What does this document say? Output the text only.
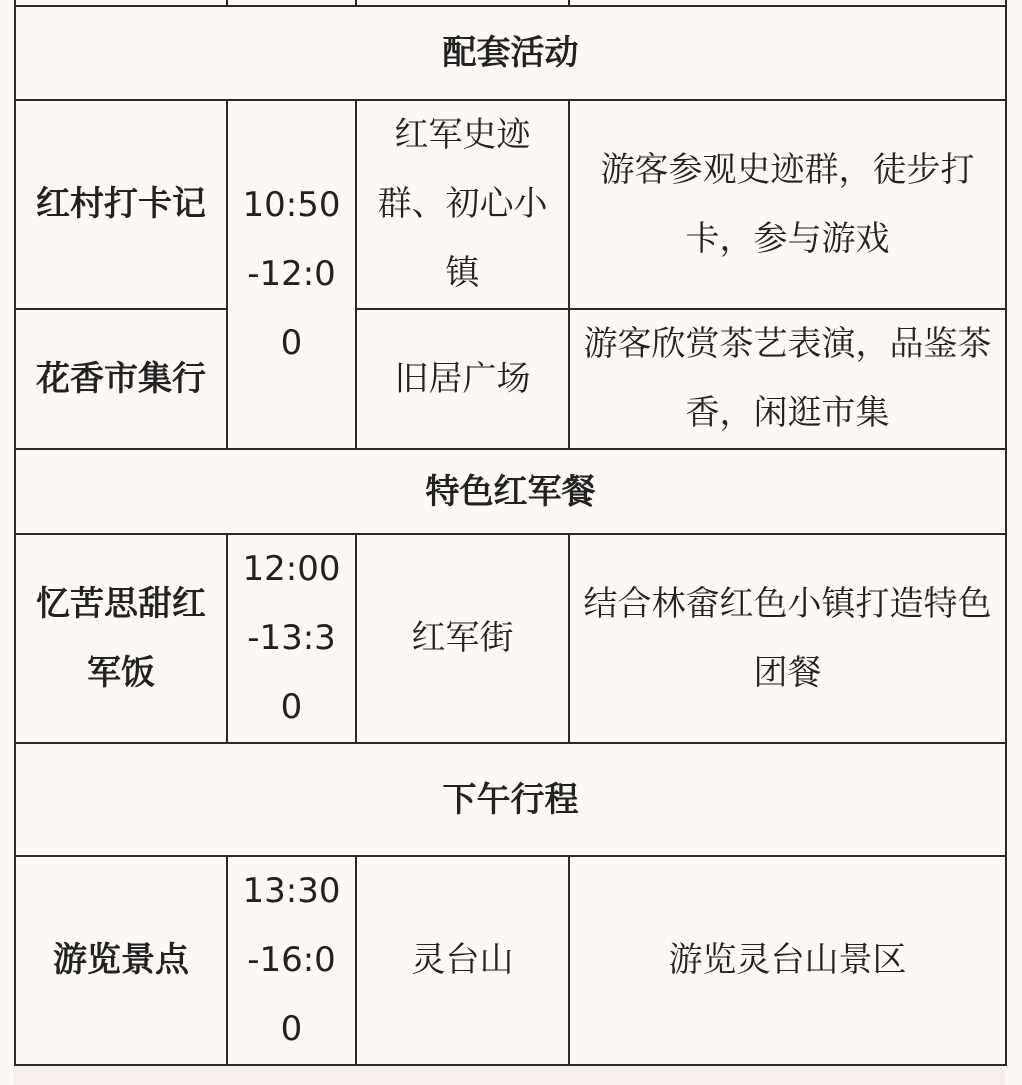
配套活动			
红村打卡记	10:50-12:00	红军史迹群、初心小镇	游客参观史迹群，徒步打卡，参与游戏
花香市集行		旧居广场	游客欣赏茶艺表演，品鉴茶香，闲逛市集
特色红军餐			
忆苦思甜红军饭	12:00-13:30	红军街	结合林畲红色小镇打造特色团餐
下午行程			
游览景点	13:30-16:00	灵台山	游览灵台山景区
